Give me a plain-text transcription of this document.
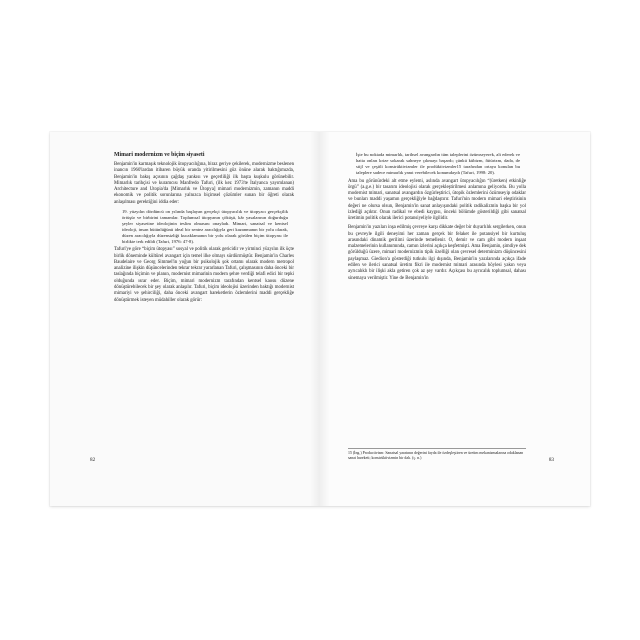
Mimari modernizm ve biçim siyaseti

Benjamin'in karmaşık teknolojik ütopyacılığına, biraz geriye çekilerek, modernizme beslenen inancın 1960'lardan itibaren büyük oranda yitirilmesini göz önüne alarak baktığımızda, Benjamin'in bakış açısının çağdaş yankısı ve geçerliliği ilk başta kuşkulu görünebilir. Mimarlık tarihçisi ve kuramcısı Manfredo Tafuri, (ilk kez 1973'te İtalyanca yayımlanan) Architecture and Utopia'da [Mimarlık ve Ütopya] mimari modernizmin, zamanın maddi ekonomik ve politik sorunlarına yalnızca biçimsel çözümler sunan bir öğreti olarak anlaşılması gerektiğini iddia eder:

19. yüzyılın dördüncü on yılında başlayan gerçekçi ütopyacılık ve ütopyacı gerçekçilik örtüşür ve birbirini tamamlar. Toplumsal ütopyanın çöküşü, kâr yasalarının doğurduğu şeyler siyasetine ideolojinin teslim olmasını onayladı. Mimari, sanatsal ve kentsel ideoloji, insan bütünlüğünü ideal bir sentez aracılığıyla geri kazanmanın bir yolu olarak, düzen aracılığıyla düzensizliği kucaklamanın bir yolu olarak görülen biçim ütopyası ile birlikte terk edildi (Tafuri, 1976: 47-8).

Tafuri'ye göre “biçim ütopyası” sosyal ve politik olarak gericidir ve yirminci yüzyılın ilk üçte birlik döneminde kültürel avangart için temel ilke olmayı sürdürmüştür. Benjamin'in Charles Baudelaire ve Georg Simmel'in yoğun bir psikolojik şok ortamı olarak modern metropol analizine ilişkin düşüncelerinden tekrar tekrar yararlanan Tafuri, çalışmasının daha önceki bir taslağında biçimin ve planın, modernist mimarinin modern şehre verdiği telafi edici bir tepki olduğunda ısrar eder. Biçim, mimari modernizm tarafından kentsel kaosu düzene dönüştürebilecek bir şey olarak anlaşılır. Tafuri, biçim ideolojisi üzerinden baktığı modernist mimariyi ve şehirciliği, daha önceki avangart hareketlerin özlemlerini maddi gerçekliğe dönüştürmek isteyen müdahiller olarak görür:

82

İşte bu noktada mimarlık, tarihsel avangardın tüm taleplerini özümseyerek, alt ederek ve hatta onları krize sokarak sahneye çıkmayı başardı; çünkü kübizm, fütürizm, dada, de stijl ve çeşitli konstrüktivizmler ile prodüktivizmler15 tarafından ortaya konulan bu taleplere sadece mimarlık yanıt verebilecek konumdaydı (Tafuri, 1998: 20).

Ama bu görünürdeki alt etme eylemi, aslında avangart ütopyacılığın “(üretken) etkinliğe örgü” (a.g.e.) bir tasarım ideolojisi olarak gerçekleştirilmesi anlamına geliyordu. Bu yolla modernist mimari, sanatsal avangardın özgürleştirici, ütopik özlemlerini özümseyip odaklar ve bunları maddi yaşamın gerçekliğiyle bağdaştırır. Tafuri'nin modern mimari eleştirisinin değeri ne olursa olsun, Benjamin'in sanat anlayışındaki politik radikalizmin başka bir yol izlediği açıktır. Onun radikal ve ebedi kaygısı, önceki bölümde gösterildiği gibi sanatsal üretimin politik olarak ilerici potansiyeliyle ilgilidir.

Benjamin'in yazıları inşa edilmiş çevreye karşı dikkate değer bir duyarlılık sergilerken, onun bu çevreyle ilgili deneyimi her zaman gerçek bir felaket ile potansiyel bir kurtuluş arasındaki dinamik gerilimi üzerinde temellenir. O, demir ve cam gibi modern inşaat malzemelerinin kullanımında, camın izlerini açıkça keşfetmişti. Ama Benjamin, şimdiye dek görülduğü üzere, mimari modernizmin tipik özelliği olan çevresel determinizm düşüncesini paylaşmaz. Giedion'a gösterdiği tutkulu ilgi dışında, Benjamin'in yazılarında açıkça ifade edilen ve ilerici sanatsal üretim fikri ile modernist mimari arasında böylesi yakın veya ayrıcalıklı bir ilişki akla getiren çok az şey vardır. Açıkçası bu ayrıcalık toplumsal, dahası sinemaya verilmiştir. Yine de Benjamin'in

15 (İng.) Productivism: Sanatsal yaratının değerini fayda ile özdeşleştiren ve üretim mekanizmalarına odaklanan sanat hareketi; konstrüktivizmin bir dalı. (ç. n.)	83
